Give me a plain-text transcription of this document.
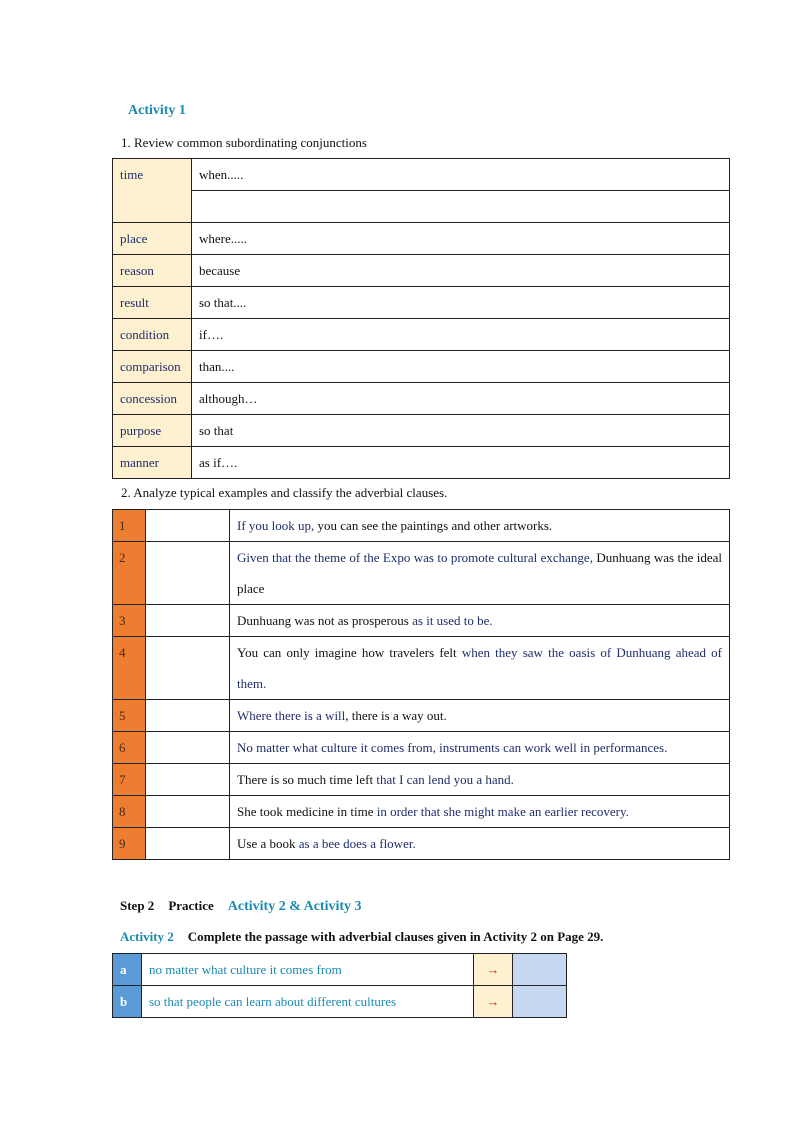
Activity 1
1. Review common subordinating conjunctions
time	when.....

place	where.....
reason	because
result	so that....
condition	if….
comparison	than....
concession	although…
purpose	so that
manner	as if….
2. Analyze typical examples and classify the adverbial clauses.
1		If you look up, you can see the paintings and other artworks.
2		Given that the theme of the Expo was to promote cultural exchange, Dunhuang was the ideal place
3		Dunhuang was not as prosperous as it used to be.
4		You can only imagine how travelers felt when they saw the oasis of Dunhuang ahead of them.
5		Where there is a will, there is a way out.
6		No matter what culture it comes from, instruments can work well in performances.
7		There is so much time left that I can lend you a hand.
8		She took medicine in time in order that she might make an earlier recovery.
9		Use a book as a bee does a flower.
Step 2 Practice Activity 2 & Activity 3
Activity 2 Complete the passage with adverbial clauses given in Activity 2 on Page 29.
a	no matter what culture it comes from	→	
b	so that people can learn about different cultures	→	
